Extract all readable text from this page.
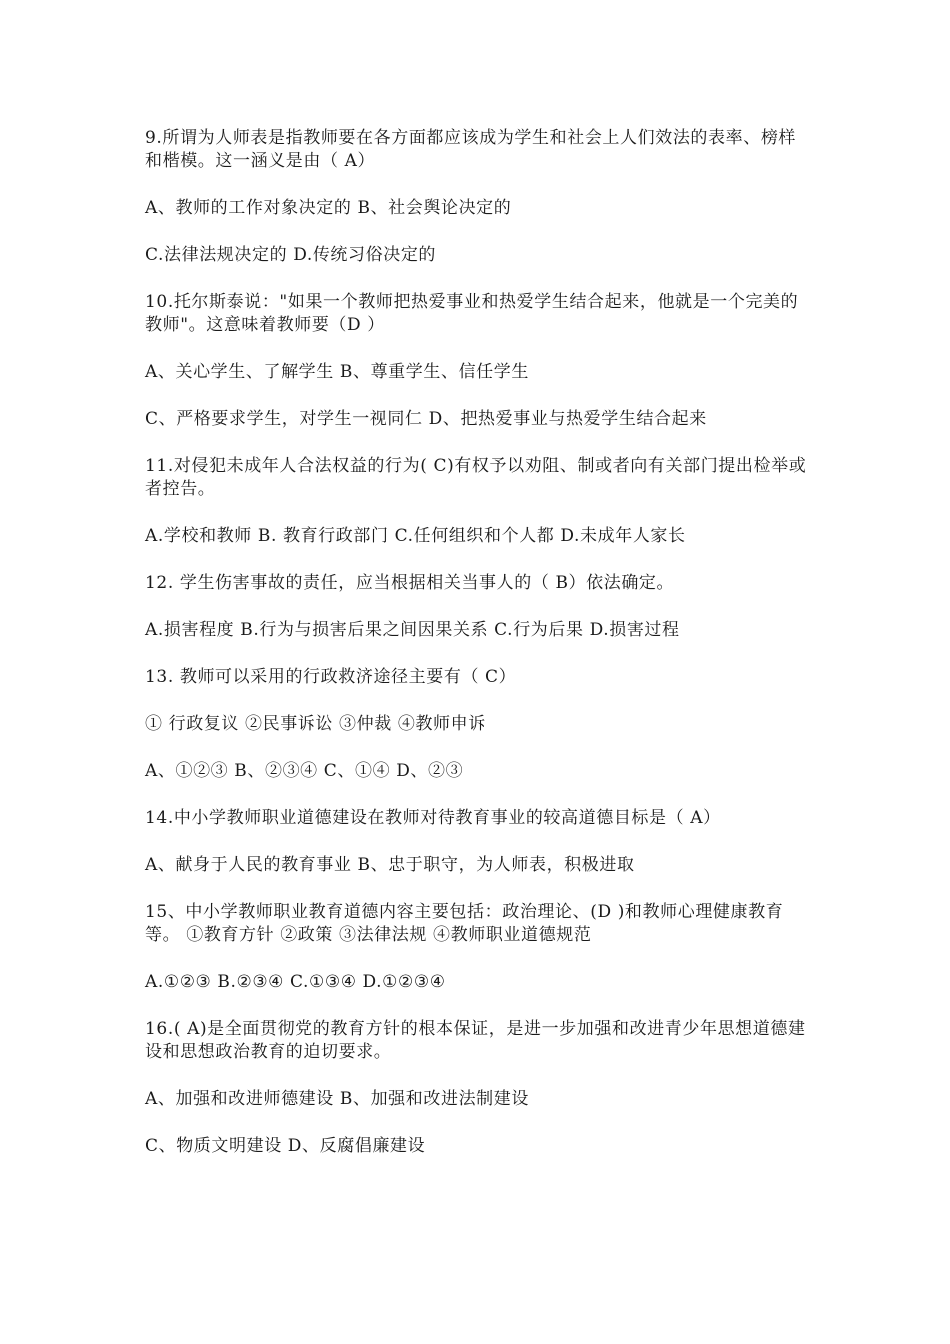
9.所谓为人师表是指教师要在各方面都应该成为学生和社会上人们效法的表率、榜样和楷模。这一涵义是由（ A）

A、教师的工作对象决定的 B、社会舆论决定的

C.法律法规决定的 D.传统习俗决定的

10.托尔斯泰说："如果一个教师把热爱事业和热爱学生结合起来，他就是一个完美的教师"。这意味着教师要（D ）

A、关心学生、了解学生 B、尊重学生、信任学生

C、严格要求学生，对学生一视同仁 D、把热爱事业与热爱学生结合起来

11.对侵犯未成年人合法权益的行为( C)有权予以劝阻、制或者向有关部门提出检举或者控告。

A.学校和教师 B. 教育行政部门 C.任何组织和个人都 D.未成年人家长

12. 学生伤害事故的责任，应当根据相关当事人的（ B）依法确定。

A.损害程度 B.行为与损害后果之间因果关系 C.行为后果 D.损害过程

13. 教师可以采用的行政救济途径主要有（ C）

① 行政复议 ②民事诉讼 ③仲裁 ④教师申诉

A、①②③ B、②③④ C、①④ D、②③

14.中小学教师职业道德建设在教师对待教育事业的较高道德目标是（ A）

A、献身于人民的教育事业 B、忠于职守，为人师表，积极进取

15、中小学教师职业教育道德内容主要包括：政治理论、(D )和教师心理健康教育等。 ①教育方针 ②政策 ③法律法规 ④教师职业道德规范

A.①②③ B.②③④ C.①③④ D.①②③④

16.( A)是全面贯彻党的教育方针的根本保证，是进一步加强和改进青少年思想道德建设和思想政治教育的迫切要求。

A、加强和改进师德建设 B、加强和改进法制建设

C、物质文明建设 D、反腐倡廉建设
